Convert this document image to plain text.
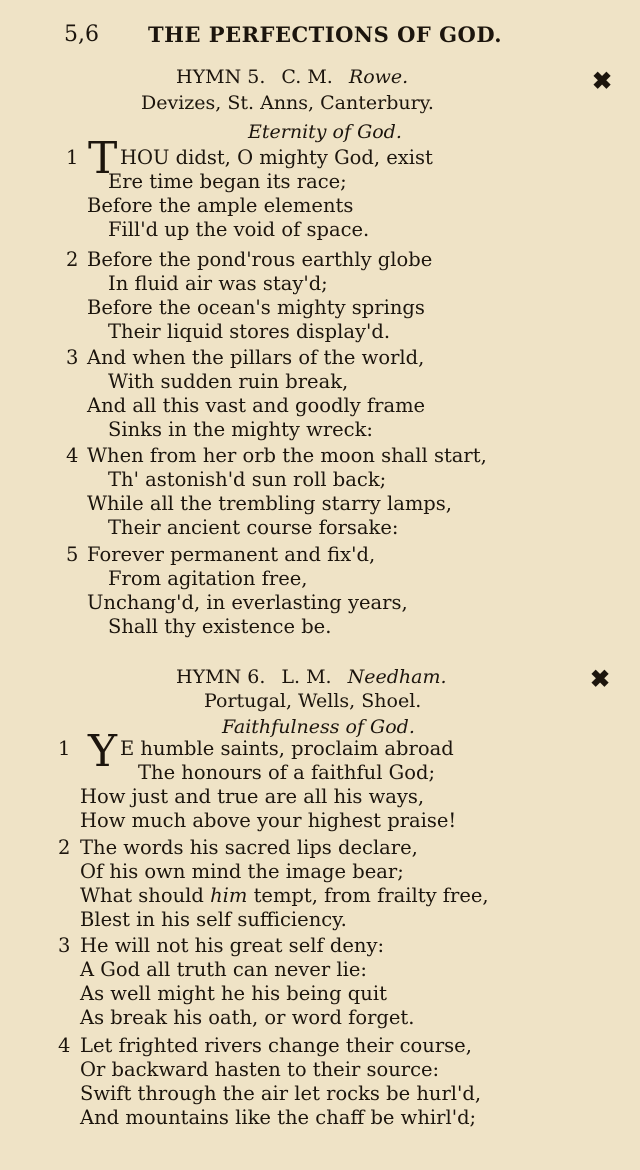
5,6 THE PERFECTIONS OF GOD.
HYMN 5. C. M. Rowe.	✖
Devizes, St. Anns, Canterbury.
Eternity of God.
T
1 HOU didst, O mighty God, exist
Ere time began its race;
Before the ample elements
Fill'd up the void of space.
2 Before the pond'rous earthly globe
In fluid air was stay'd;
Before the ocean's mighty springs
Their liquid stores display'd.
3 And when the pillars of the world,
With sudden ruin break,
And all this vast and goodly frame
Sinks in the mighty wreck:
4 When from her orb the moon shall start,
Th' astonish'd sun roll back;
While all the trembling starry lamps,
Their ancient course forsake:
5 Forever permanent and fix'd,
From agitation free,
Unchang'd, in everlasting years,
Shall thy existence be.
HYMN 6. L. M. Needham.	✖
Portugal, Wells, Shoel.
Faithfulness of God.
Y
1	E humble saints, proclaim abroad
The honours of a faithful God;
How just and true are all his ways,
How much above your highest praise!
2 The words his sacred lips declare,
Of his own mind the image bear;
What should him tempt, from frailty free,
Blest in his self sufficiency.
3 He will not his great self deny:
A God all truth can never lie:
As well might he his being quit
As break his oath, or word forget.
4 Let frighted rivers change their course,
Or backward hasten to their source:
Swift through the air let rocks be hurl'd,
And mountains like the chaff be whirl'd;
